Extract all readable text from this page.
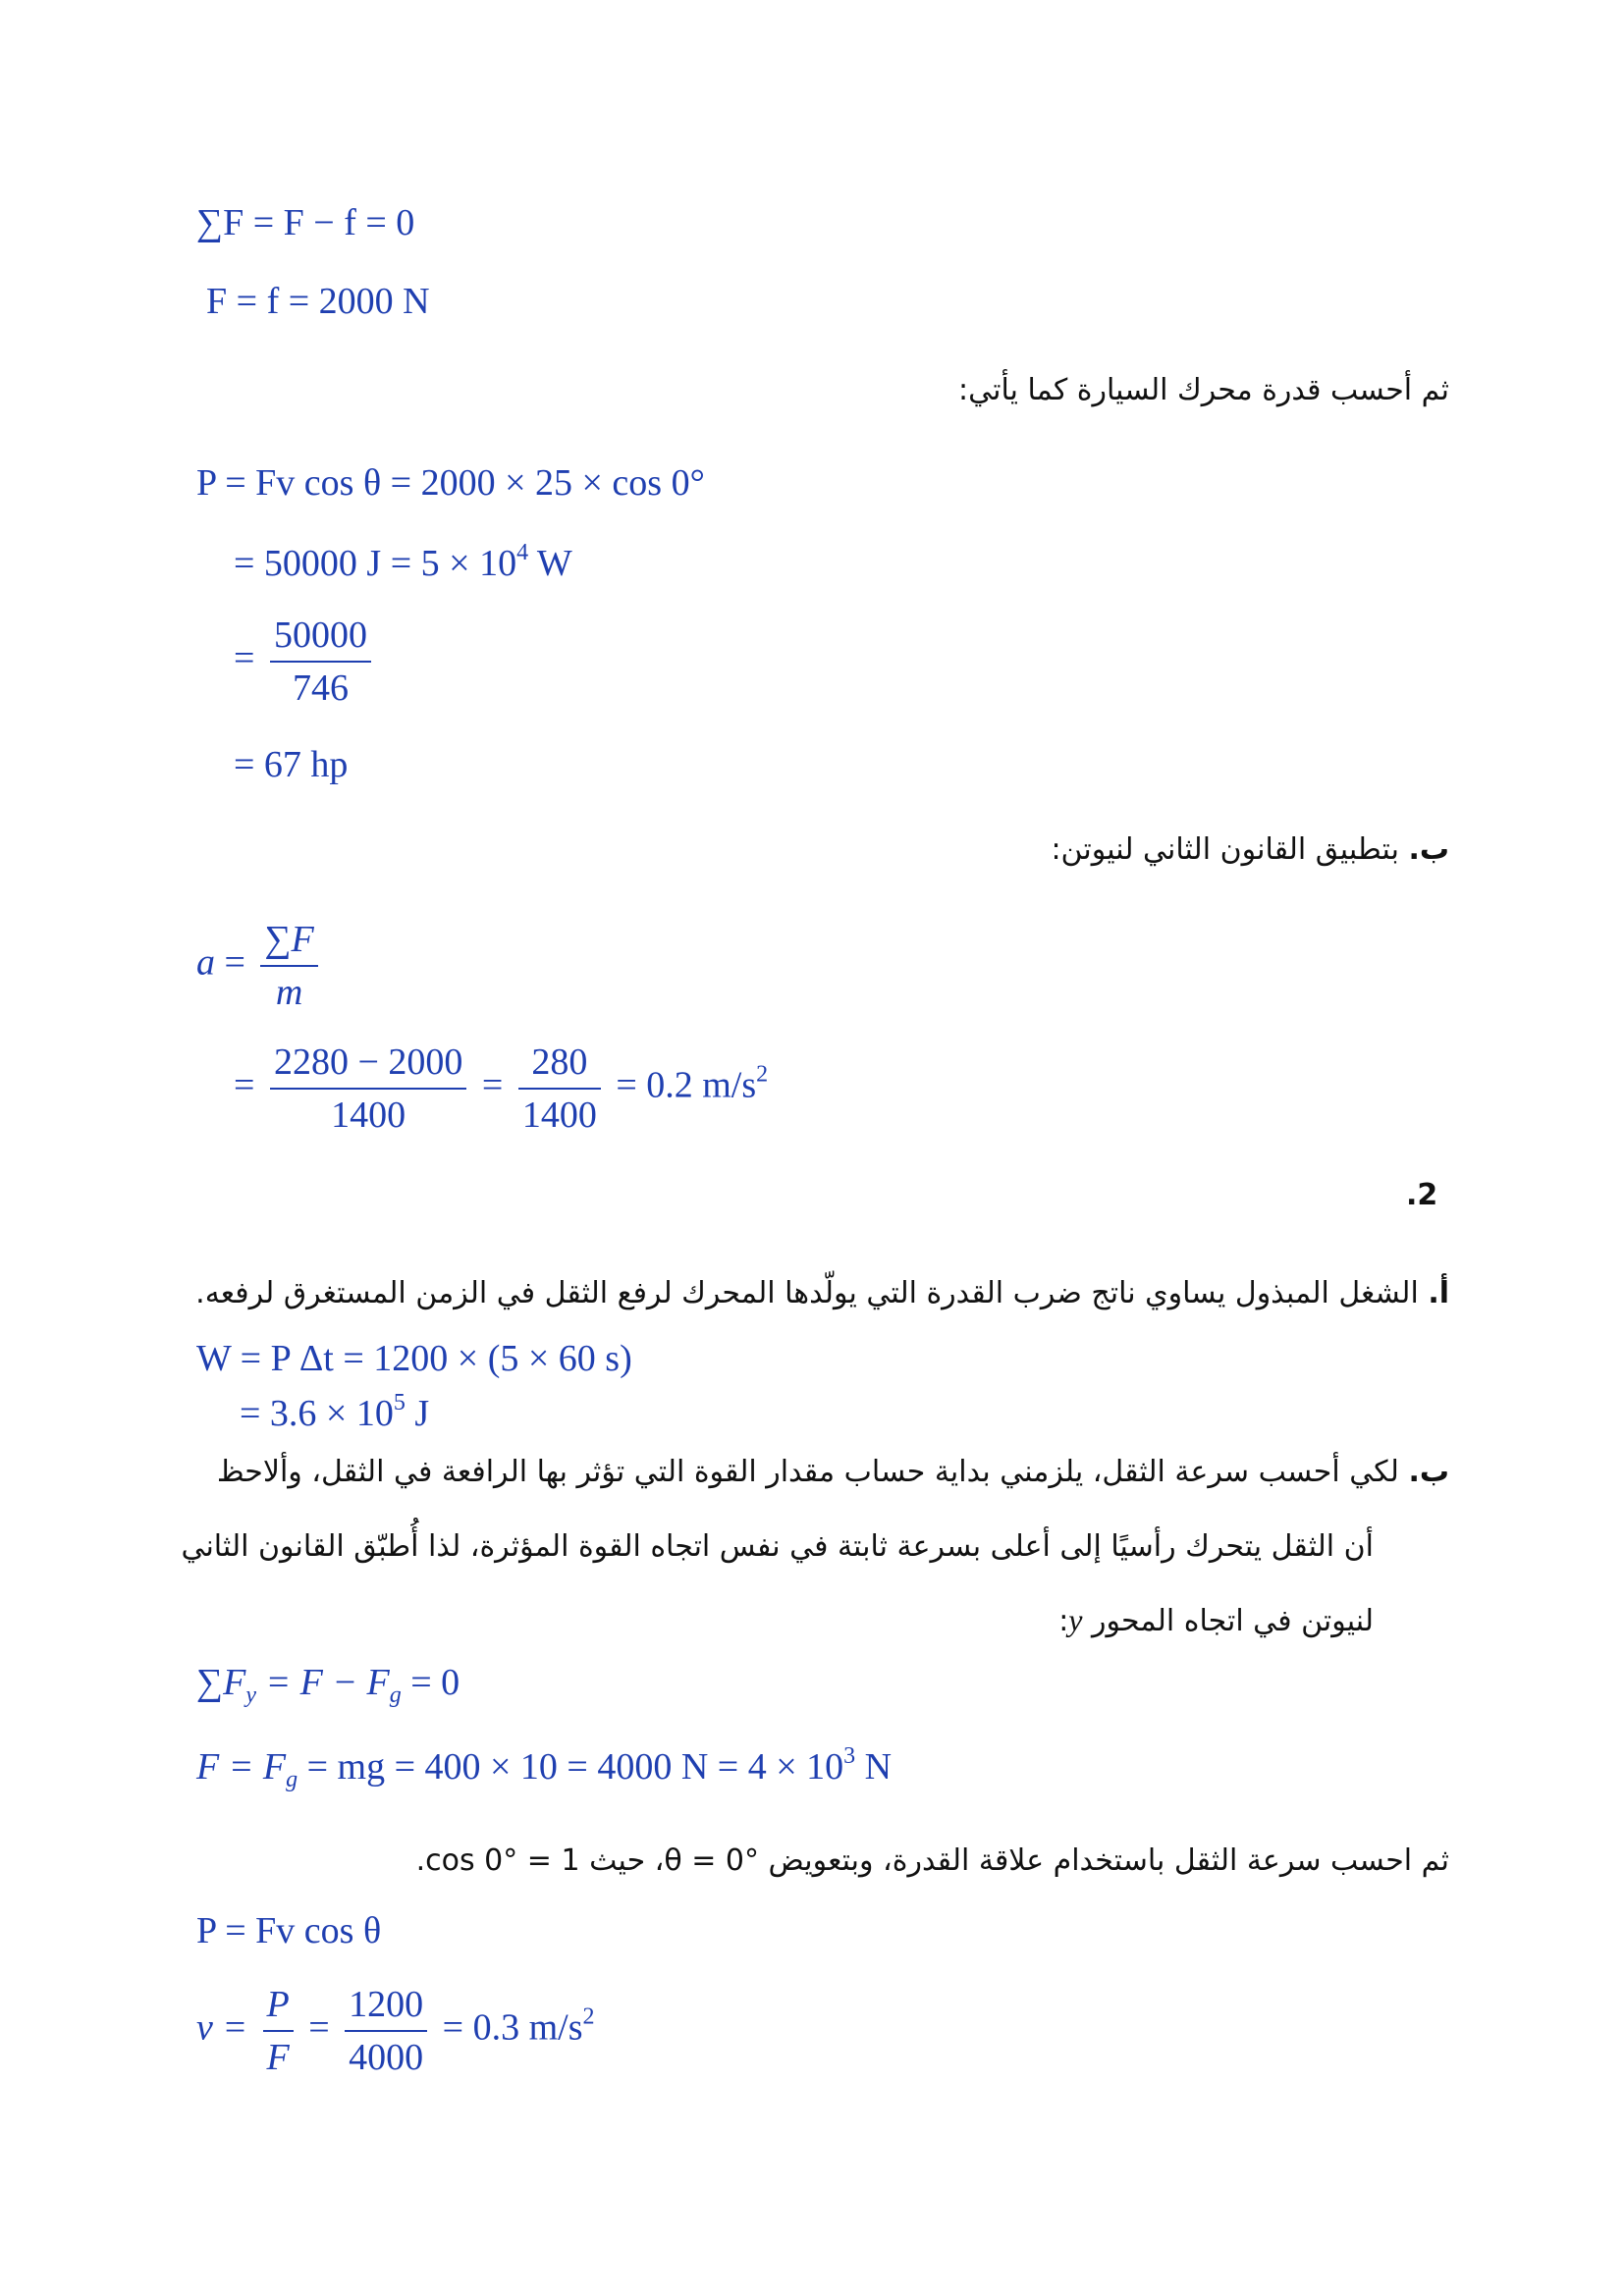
∑F = F − f = 0
F = f = 2000 N
ثم أحسب قدرة محرك السيارة كما يأتي:
P = Fv cos θ = 2000 × 25 × cos 0°
= 50000 $J = 5 \times 10^4$ W
= $\frac{50000}{746}$
= 67 hp
ب. بتطبيق القانون الثاني لنيوتن:
$a = \frac{\sum F}{m}$
= $\frac{2280 - 2000}{1400} = \frac{280}{1400} = 0.2$ $m/s^2$
.2
أ. الشغل المبذول يساوي ناتج ضرب القدرة التي يولّدها المحرك لرفع الثقل في الزمن المستغرق لرفعه.
W = P Δt = 1200 × (5 × 60 s)
= $3.6 \times 10^5$ J
ب. لكي أحسب سرعة الثقل، يلزمني بداية حساب مقدار القوة التي تؤثر بها الرافعة في الثقل، وألاحظ
أن الثقل يتحرك رأسيًا إلى أعلى بسرعة ثابتة في نفس اتجاه القوة المؤثرة، لذا أُطبّق القانون الثاني
لنيوتن في اتجاه المحور y:
$\sum F_y = F - F_g = 0$
$F = F_g$ = mg = 400 × 10 = 4000 $N = 4 \times 10^3$ N
ثم احسب سرعة الثقل باستخدام علاقة القدرة، وبتعويض θ = 0°، حيث cos 0° = 1.
P = Fv cos θ
$v = \frac{P}{F} = \frac{1200}{4000} = 0.3$ $m/s^2$
